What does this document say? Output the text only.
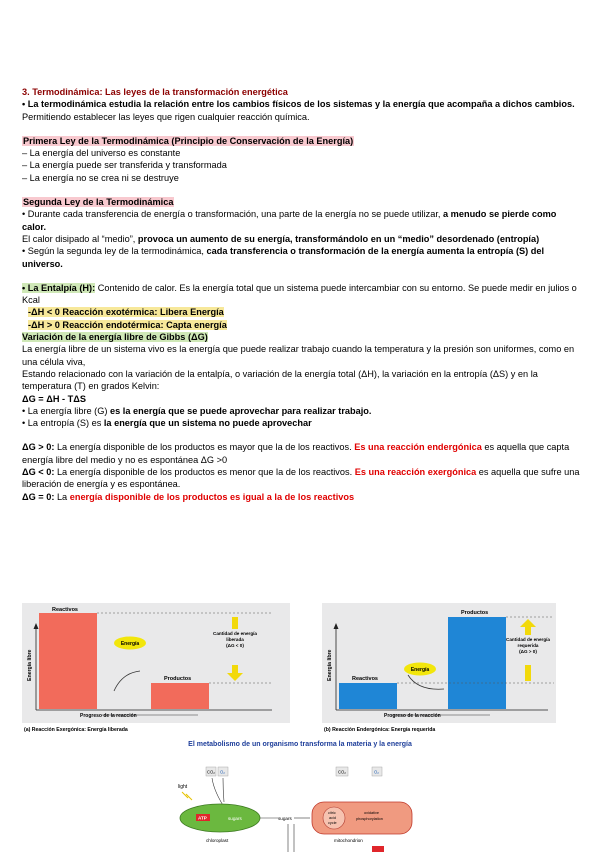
3. Termodinámica: Las leyes de la transformación energética

• La termodinámica estudia la relación entre los cambios físicos de los sistemas y la energía que acompaña a dichos cambios. Permitiendo establecer las leyes que rigen cualquier reacción química.

Primera Ley de la Termodinámica (Principio de Conservación de la Energía)

– La energía del universo es constante

– La energía puede ser transferida y transformada

– La energía no se crea ni se destruye

Segunda Ley de la Termodinámica

• Durante cada transferencia de energía o transformación, una parte de la energía no se puede utilizar, a menudo se pierde como calor.

El calor disipado al “medio”, provoca un aumento de su energía, transformándolo en un “medio” desordenado (entropía)

• Según la segunda ley de la termodinámica, cada transferencia o transformación de la energía aumenta la entropía (S) del universo.

• La Entalpía (H): Contenido de calor. Es la energía total que un sistema puede intercambiar con su entorno. Se puede medir en julios o Kcal

-ΔH < 0 Reacción exotérmica: Libera Energía

-ΔH > 0 Reacción endotérmica: Capta energía

Variación de la energía libre de Gibbs (ΔG)

La energía libre de un sistema vivo es la energía que puede realizar trabajo cuando la temperatura y la presión son uniformes, como en una célula viva,

Estando relacionado con la variación de la entalpía, o variación de la energía total (ΔH), la variación en la entropía (ΔS) y en la temperatura (T) en grados Kelvin:

ΔG = ΔH - TΔS

• La energía libre (G) es la energía que se puede aprovechar para realizar trabajo.

• La entropía (S) es la energía que un sistema no puede aprovechar

ΔG > 0: La energía disponible de los productos es mayor que la de los reactivos. Es una reacción endergónica es aquella que capta energía libre del medio y no es espontánea ΔG >0

ΔG < 0: La energía disponible de los productos es menor que la de los reactivos. Es una reacción exergónica es aquella que sufre una liberación de energía y es espontánea.

ΔG = 0: La energía disponible de los productos es igual a la de los reactivos

Energía libre
Reactivos
Productos
Cantidad de energía
liberada
(ΔG < 0)
Energía
Progreso de la reacción
(a) Reacción Exergónica: Energía liberada
Energía libre	Reactivos
Productos
Cantidad de energía
requerida
(ΔG > 0)
Energía
Progreso de la reacción
(b) Reacción Endergónica: Energía requerida
El metabolismo de un organismo transforma la materia y la energía
light
CO₂ O₂
ATP	sugars
chloroplast
sugars
CO₂	O₂
citric
acid
cycle
oxidative
phosphorylation
mitochondrion
